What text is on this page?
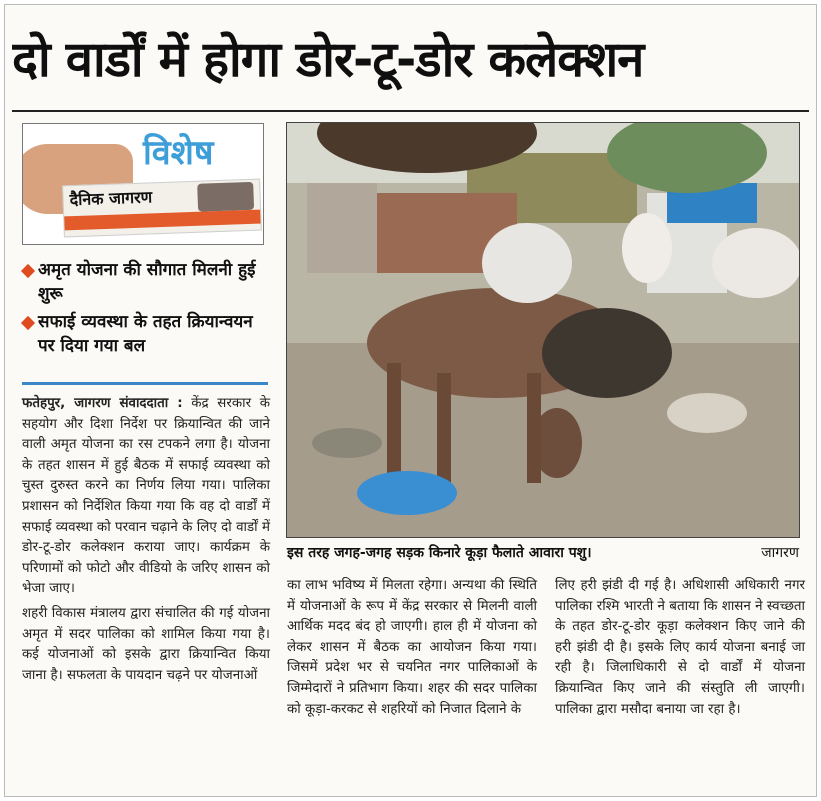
दो वार्डों में होगा डोर-टू-डोर कलेक्शन
विशेष
दैनिक जागरण
अमृत योजना की सौगात मिलनी हुई शुरू
सफाई व्यवस्था के तहत क्रियान्वयन पर दिया गया बल

फतेहपुर, जागरण संवाददाता : केंद्र सरकार के सहयोग और दिशा निर्देश पर क्रियान्वित की जाने वाली अमृत योजना का रस टपकने लगा है। योजना के तहत शासन में हुई बैठक में सफाई व्यवस्था को चुस्त दुरुस्त करने का निर्णय लिया गया। पालिका प्रशासन को निर्देशित किया गया कि वह दो वार्डों में सफाई व्यवस्था को परवान चढ़ाने के लिए दो वार्डों में डोर-टू-डोर कलेक्शन कराया जाए। कार्यक्रम के परिणामों को फोटो और वीडियो के जरिए शासन को भेजा जाए।

शहरी विकास मंत्रालय द्वारा संचालित की गई योजना अमृत में सदर पालिका को शामिल किया गया है। कई योजनाओं को इसके द्वारा क्रियान्वित किया जाना है। सफलता के पायदान चढ़ने पर योजनाओं

इस तरह जगह-जगह सड़क किनारे कूड़ा फैलाते आवारा पशु।	जागरण

का लाभ भविष्य में मिलता रहेगा। अन्यथा की स्थिति में योजनाओं के रूप में केंद्र सरकार से मिलनी वाली आर्थिक मदद बंद हो जाएगी। हाल ही में योजना को लेकर शासन में बैठक का आयोजन किया गया। जिसमें प्रदेश भर से चयनित नगर पालिकाओं के जिम्मेदारों ने प्रतिभाग किया। शहर की सदर पालिका को कूड़ा-करकट से शहरियों को निजात दिलाने के

लिए हरी झंडी दी गई है। अधिशासी अधिकारी नगर पालिका रश्मि भारती ने बताया कि शासन ने स्वच्छता के तहत डोर-टू-डोर कूड़ा कलेक्शन किए जाने की हरी झंडी दी है। इसके लिए कार्य योजना बनाई जा रही है। जिलाधिकारी से दो वार्डों में योजना क्रियान्वित किए जाने की संस्तुति ली जाएगी। पालिका द्वारा मसौदा बनाया जा रहा है।
